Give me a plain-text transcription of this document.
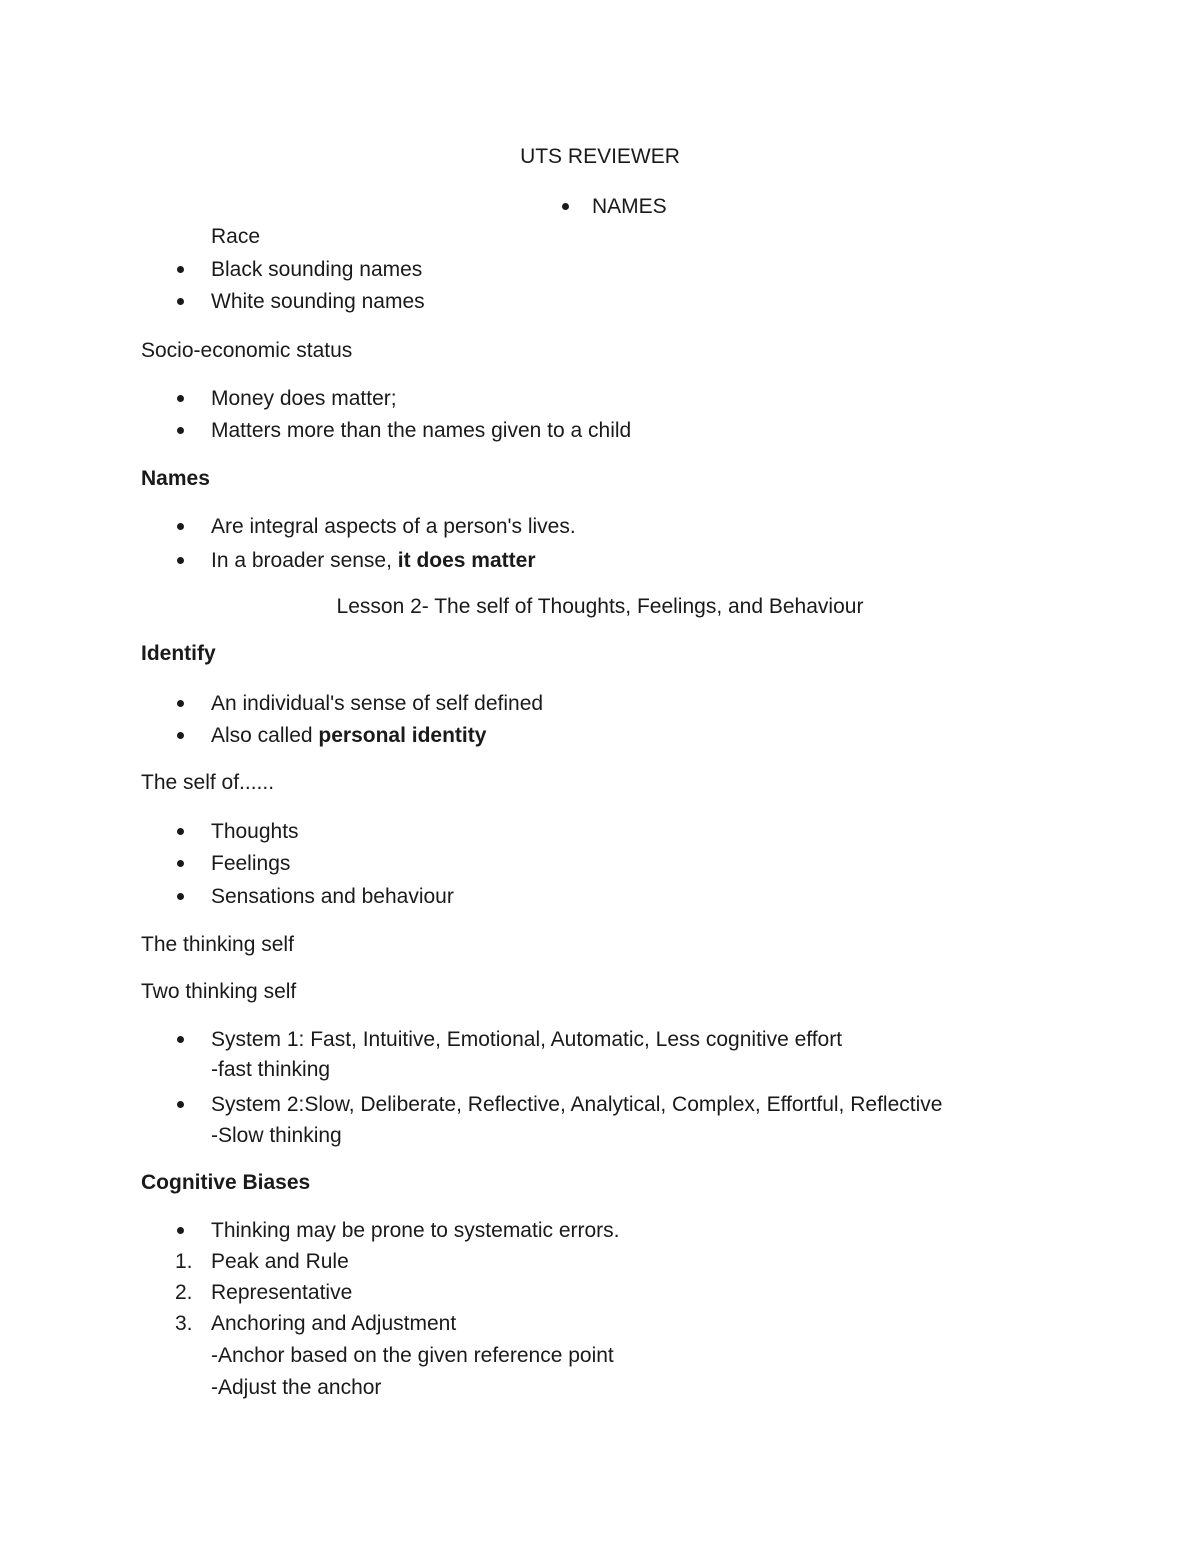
UTS REVIEWER
NAMES
Race
Black sounding names
White sounding names
Socio-economic status
Money does matter;
Matters more than the names given to a child
Names
Are integral aspects of a person's lives.
In a broader sense, it does matter
Lesson 2- The self of Thoughts, Feelings, and Behaviour
Identify
An individual's sense of self defined
Also called personal identity
The self of......
Thoughts
Feelings
Sensations and behaviour
The thinking self
Two thinking self
System 1: Fast, Intuitive, Emotional, Automatic, Less cognitive effort
-fast thinking
System 2:Slow, Deliberate, Reflective, Analytical, Complex, Effortful, Reflective
-Slow thinking
Cognitive Biases
Thinking may be prone to systematic errors.
1. Peak and Rule
2. Representative
3. Anchoring and Adjustment
-Anchor based on the given reference point
-Adjust the anchor
